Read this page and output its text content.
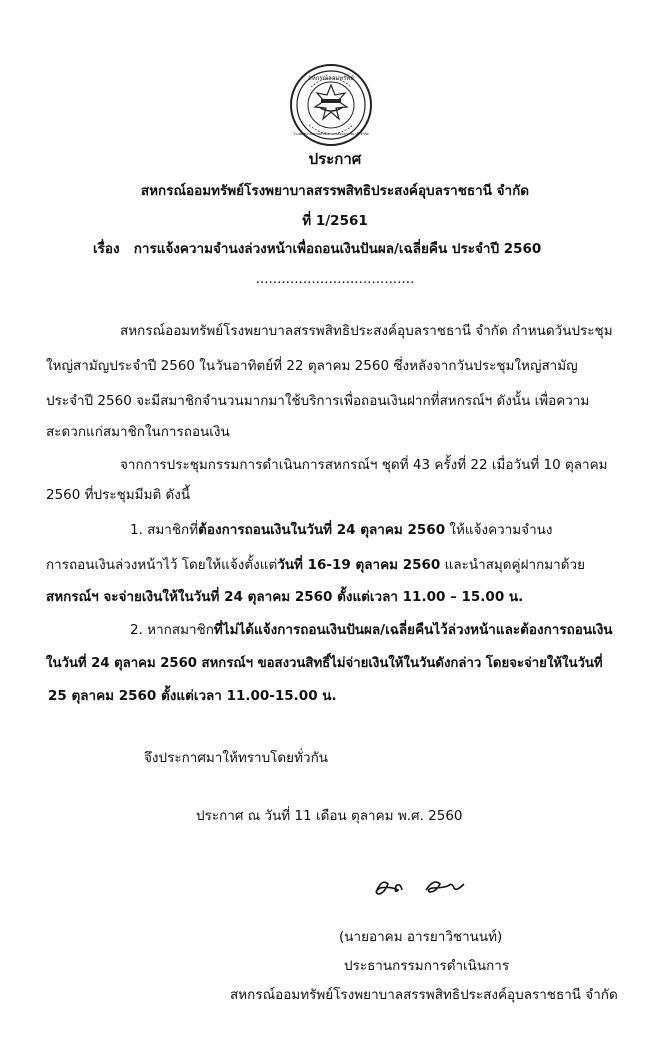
สหกรณ์ออมทรัพย์
โรงพยาบาลสรรพสิทธิประสงค์อุบลราชธานี จำกัด
ประกาศ
สหกรณ์ออมทรัพย์โรงพยาบาลสรรพสิทธิประสงค์อุบลราชธานี จำกัด
ที่ 1/2561
เรื่อง การแจ้งความจำนงล่วงหน้าเพื่อถอนเงินปันผล/เฉลี่ยคืน ประจำปี 2560
.....................................
สหกรณ์ออมทรัพย์โรงพยาบาลสรรพสิทธิประสงค์อุบลราชธานี จำกัด กำหนดวันประชุม
ใหญ่สามัญประจำปี 2560 ในวันอาทิตย์ที่ 22 ตุลาคม 2560 ซึ่งหลังจากวันประชุมใหญ่สามัญ
ประจำปี 2560 จะมีสมาชิกจำนวนมากมาใช้บริการเพื่อถอนเงินฝากที่สหกรณ์ฯ ดังนั้น เพื่อความ
สะดวกแก่สมาชิกในการถอนเงิน
จากการประชุมกรรมการดำเนินการสหกรณ์ฯ ชุดที่ 43 ครั้งที่ 22 เมื่อวันที่ 10 ตุลาคม
2560 ที่ประชุมมีมติ ดังนี้
1. สมาชิกที่ต้องการถอนเงินในวันที่ 24 ตุลาคม 2560 ให้แจ้งความจำนง
การถอนเงินล่วงหน้าไว้ โดยให้แจ้งตั้งแต่วันที่ 16-19 ตุลาคม 2560 และนำสมุดคู่ฝากมาด้วย
สหกรณ์ฯ จะจ่ายเงินให้ในวันที่ 24 ตุลาคม 2560 ตั้งแต่เวลา 11.00 – 15.00 น.
2. หากสมาชิกที่ไม่ได้แจ้งการถอนเงินปันผล/เฉลี่ยคืนไว้ล่วงหน้าและต้องการถอนเงิน
ในวันที่ 24 ตุลาคม 2560 สหกรณ์ฯ ขอสงวนสิทธิ์ไม่จ่ายเงินให้ในวันดังกล่าว โดยจะจ่ายให้ในวันที่
25 ตุลาคม 2560 ตั้งแต่เวลา 11.00-15.00 น.
จึงประกาศมาให้ทราบโดยทั่วกัน
ประกาศ ณ วันที่ 11 เดือน ตุลาคม พ.ศ. 2560
(นายอาคม อารยาวิชานนท์)
ประธานกรรมการดำเนินการ
สหกรณ์ออมทรัพย์โรงพยาบาลสรรพสิทธิประสงค์อุบลราชธานี จำกัด
